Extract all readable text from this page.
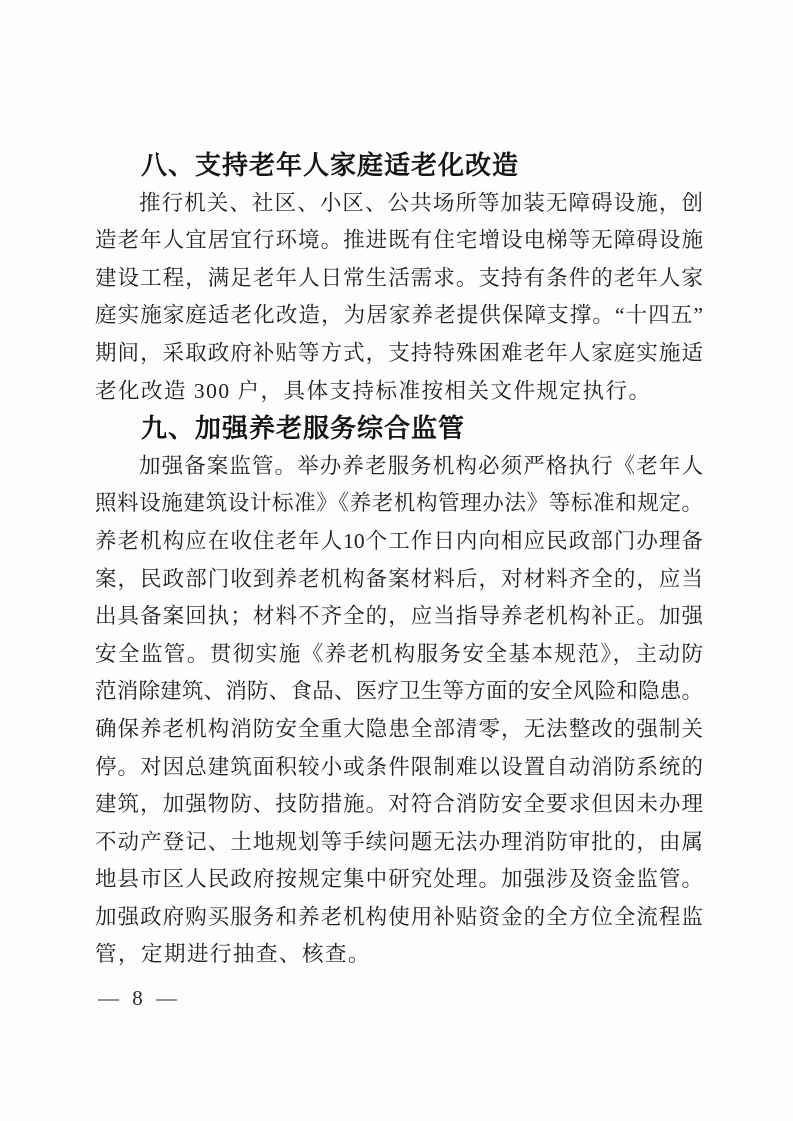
八、支持老年人家庭适老化改造
推行机关、社区、小区、公共场所等加装无障碍设施，创
造老年人宜居宜行环境。推进既有住宅增设电梯等无障碍设施
建设工程，满足老年人日常生活需求。支持有条件的老年人家
庭实施家庭适老化改造，为居家养老提供保障支撑。“十四五”
期间，采取政府补贴等方式，支持特殊困难老年人家庭实施适
老化改造 300 户，具体支持标准按相关文件规定执行。
九、加强养老服务综合监管
加强备案监管。举办养老服务机构必须严格执行《老年人
照料设施建筑设计标准》《养老机构管理办法》等标准和规定。
养老机构应在收住老年人10个工作日内向相应民政部门办理备
案，民政部门收到养老机构备案材料后，对材料齐全的，应当
出具备案回执；材料不齐全的，应当指导养老机构补正。加强
安全监管。贯彻实施《养老机构服务安全基本规范》，主动防
范消除建筑、消防、食品、医疗卫生等方面的安全风险和隐患。
确保养老机构消防安全重大隐患全部清零，无法整改的强制关
停。对因总建筑面积较小或条件限制难以设置自动消防系统的
建筑，加强物防、技防措施。对符合消防安全要求但因未办理
不动产登记、土地规划等手续问题无法办理消防审批的，由属
地县市区人民政府按规定集中研究处理。加强涉及资金监管。
加强政府购买服务和养老机构使用补贴资金的全方位全流程监
管，定期进行抽查、核查。
— 8 —
